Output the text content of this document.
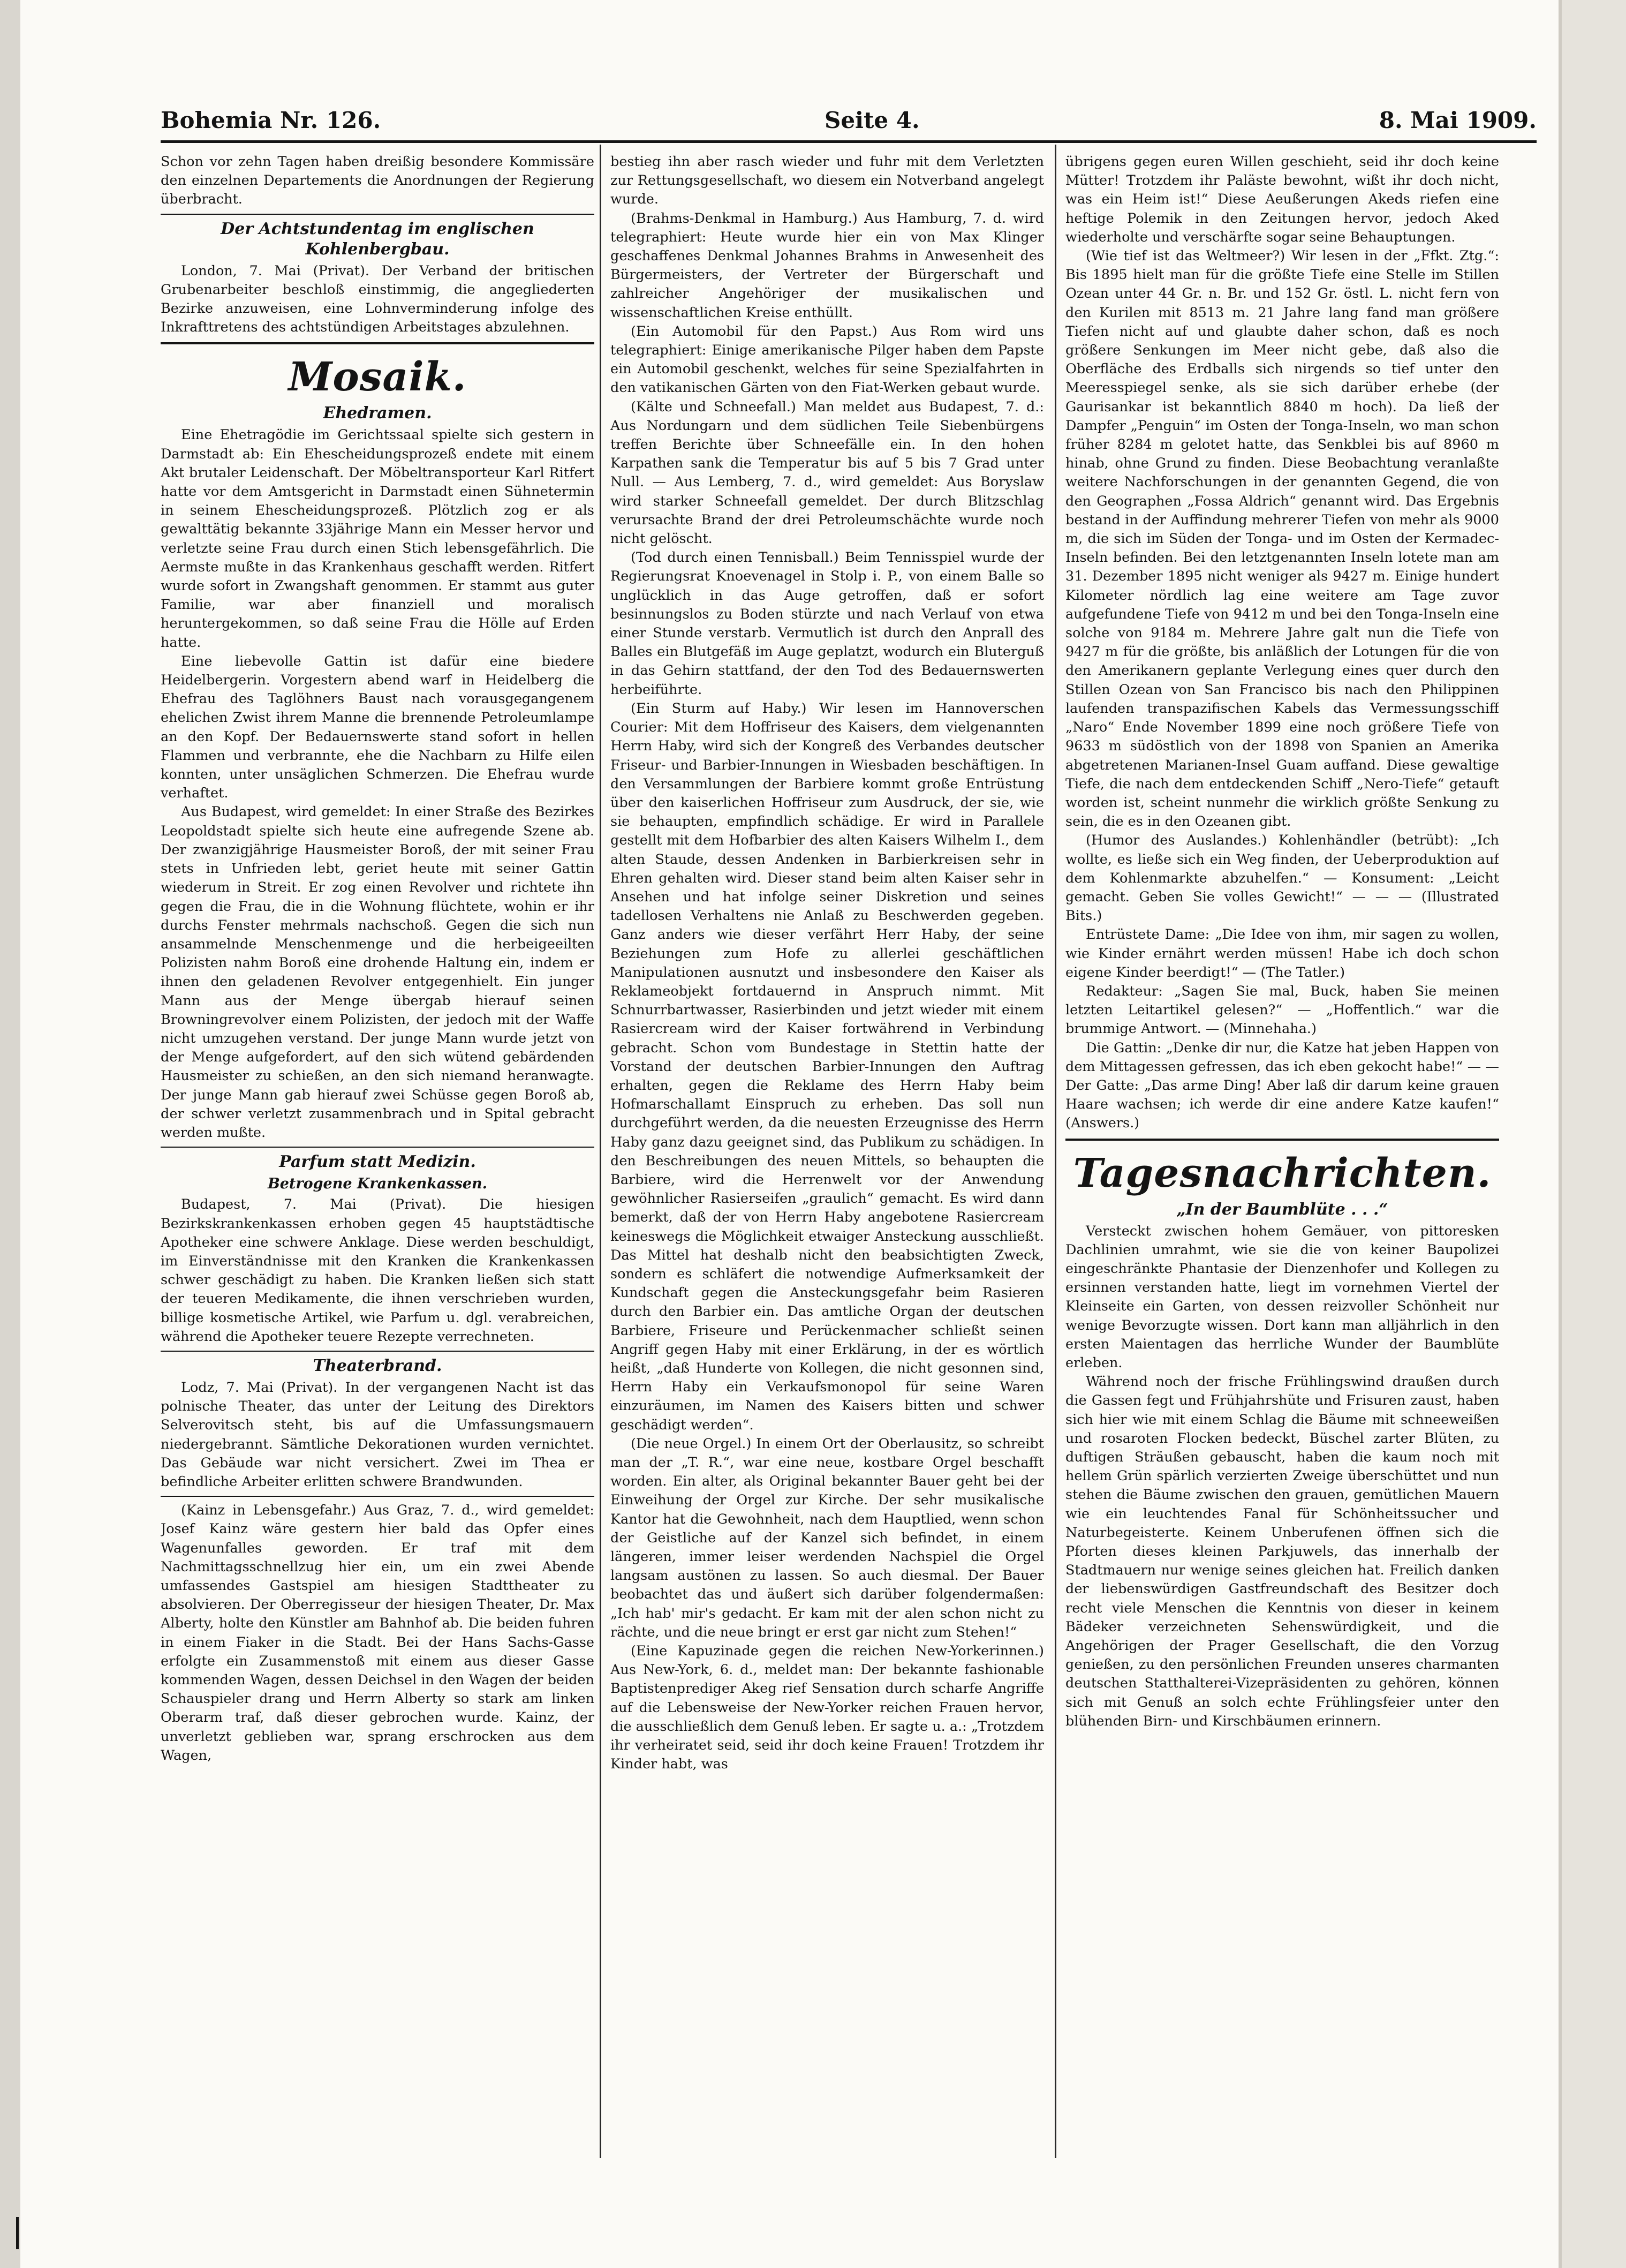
Bohemia Nr. 126.	Seite 4.	8. Mai 1909.

Schon vor zehn Tagen haben dreißig besondere Kommissäre den einzelnen Departements die Anordnungen der Regierung überbracht.

Der Achtstundentag im englischen Kohlenbergbau.

London, 7. Mai (Privat). Der Verband der britischen Grubenarbeiter beschloß einstimmig, die angegliederten Bezirke anzuweisen, eine Lohnverminderung infolge des Inkrafttretens des achtstündigen Arbeitstages abzulehnen.

Mosaik.
Ehedramen.

Eine Ehetragödie im Gerichtssaal spielte sich gestern in Darmstadt ab: Ein Ehescheidungsprozeß endete mit einem Akt brutaler Leidenschaft. Der Möbeltransporteur Karl Ritfert hatte vor dem Amtsgericht in Darmstadt einen Sühnetermin in seinem Ehescheidungsprozeß. Plötzlich zog er als gewalttätig bekannte 33jährige Mann ein Messer hervor und verletzte seine Frau durch einen Stich lebensgefährlich. Die Aermste mußte in das Krankenhaus geschafft werden. Ritfert wurde sofort in Zwangshaft genommen. Er stammt aus guter Familie, war aber finanziell und moralisch heruntergekommen, so daß seine Frau die Hölle auf Erden hatte.

Eine liebevolle Gattin ist dafür eine biedere Heidelbergerin. Vorgestern abend warf in Heidelberg die Ehefrau des Taglöhners Baust nach vorausgegangenem ehelichen Zwist ihrem Manne die brennende Petroleumlampe an den Kopf. Der Bedauernswerte stand sofort in hellen Flammen und verbrannte, ehe die Nachbarn zu Hilfe eilen konnten, unter unsäglichen Schmerzen. Die Ehefrau wurde verhaftet.

Aus Budapest, wird gemeldet: In einer Straße des Bezirkes Leopoldstadt spielte sich heute eine aufregende Szene ab. Der zwanzigjährige Hausmeister Boroß, der mit seiner Frau stets in Unfrieden lebt, geriet heute mit seiner Gattin wiederum in Streit. Er zog einen Revolver und richtete ihn gegen die Frau, die in die Wohnung flüchtete, wohin er ihr durchs Fenster mehrmals nachschoß. Gegen die sich nun ansammelnde Menschenmenge und die herbeigeeilten Polizisten nahm Boroß eine drohende Haltung ein, indem er ihnen den geladenen Revolver entgegenhielt. Ein junger Mann aus der Menge übergab hierauf seinen Browningrevolver einem Polizisten, der jedoch mit der Waffe nicht umzugehen verstand. Der junge Mann wurde jetzt von der Menge aufgefordert, auf den sich wütend gebärdenden Hausmeister zu schießen, an den sich niemand heranwagte. Der junge Mann gab hierauf zwei Schüsse gegen Boroß ab, der schwer verletzt zusammenbrach und in Spital gebracht werden mußte.

Parfum statt Medizin.
Betrogene Krankenkassen.

Budapest, 7. Mai (Privat). Die hiesigen Bezirkskrankenkassen erhoben gegen 45 hauptstädtische Apotheker eine schwere Anklage. Diese werden beschuldigt, im Einverständnisse mit den Kranken die Krankenkassen schwer geschädigt zu haben. Die Kranken ließen sich statt der teueren Medikamente, die ihnen verschrieben wurden, billige kosmetische Artikel, wie Parfum u. dgl. verabreichen, während die Apotheker teuere Rezepte verrechneten.

Theaterbrand.

Lodz, 7. Mai (Privat). In der vergangenen Nacht ist das polnische Theater, das unter der Leitung des Direktors Selverovitsch steht, bis auf die Umfassungsmauern niedergebrannt. Sämtliche Dekorationen wurden vernichtet. Das Gebäude war nicht versichert. Zwei im Thea er befindliche Arbeiter erlitten schwere Brandwunden.

(Kainz in Lebensgefahr.) Aus Graz, 7. d., wird gemeldet: Josef Kainz wäre gestern hier bald das Opfer eines Wagenunfalles geworden. Er traf mit dem Nachmittagsschnellzug hier ein, um ein zwei Abende umfassendes Gastspiel am hiesigen Stadttheater zu absolvieren. Der Oberregisseur der hiesigen Theater, Dr. Max Alberty, holte den Künstler am Bahnhof ab. Die beiden fuhren in einem Fiaker in die Stadt. Bei der Hans Sachs-Gasse erfolgte ein Zusammenstoß mit einem aus dieser Gasse kommenden Wagen, dessen Deichsel in den Wagen der beiden Schauspieler drang und Herrn Alberty so stark am linken Oberarm traf, daß dieser gebrochen wurde. Kainz, der unverletzt geblieben war, sprang erschrocken aus dem Wagen,

bestieg ihn aber rasch wieder und fuhr mit dem Verletzten zur Rettungsgesellschaft, wo diesem ein Notverband angelegt wurde.

(Brahms-Denkmal in Hamburg.) Aus Hamburg, 7. d. wird telegraphiert: Heute wurde hier ein von Max Klinger geschaffenes Denkmal Johannes Brahms in Anwesenheit des Bürgermeisters, der Vertreter der Bürgerschaft und zahlreicher Angehöriger der musikalischen und wissenschaftlichen Kreise enthüllt.

(Ein Automobil für den Papst.) Aus Rom wird uns telegraphiert: Einige amerikanische Pilger haben dem Papste ein Automobil geschenkt, welches für seine Spezialfahrten in den vatikanischen Gärten von den Fiat-Werken gebaut wurde.

(Kälte und Schneefall.) Man meldet aus Budapest, 7. d.: Aus Nordungarn und dem südlichen Teile Siebenbürgens treffen Berichte über Schneefälle ein. In den hohen Karpathen sank die Temperatur bis auf 5 bis 7 Grad unter Null. — Aus Lemberg, 7. d., wird gemeldet: Aus Boryslaw wird starker Schneefall gemeldet. Der durch Blitzschlag verursachte Brand der drei Petroleumschächte wurde noch nicht gelöscht.

(Tod durch einen Tennisball.) Beim Tennisspiel wurde der Regierungsrat Knoevenagel in Stolp i. P., von einem Balle so unglücklich in das Auge getroffen, daß er sofort besinnungslos zu Boden stürzte und nach Verlauf von etwa einer Stunde verstarb. Vermutlich ist durch den Anprall des Balles ein Blutgefäß im Auge geplatzt, wodurch ein Bluterguß in das Gehirn stattfand, der den Tod des Bedauernswerten herbeiführte.

(Ein Sturm auf Haby.) Wir lesen im Hannoverschen Courier: Mit dem Hoffriseur des Kaisers, dem vielgenannten Herrn Haby, wird sich der Kongreß des Verbandes deutscher Friseur- und Barbier-Innungen in Wiesbaden beschäftigen. In den Versammlungen der Barbiere kommt große Entrüstung über den kaiserlichen Hoffriseur zum Ausdruck, der sie, wie sie behaupten, empfindlich schädige. Er wird in Parallele gestellt mit dem Hofbarbier des alten Kaisers Wilhelm I., dem alten Staude, dessen Andenken in Barbierkreisen sehr in Ehren gehalten wird. Dieser stand beim alten Kaiser sehr in Ansehen und hat infolge seiner Diskretion und seines tadellosen Verhaltens nie Anlaß zu Beschwerden gegeben. Ganz anders wie dieser verfährt Herr Haby, der seine Beziehungen zum Hofe zu allerlei geschäftlichen Manipulationen ausnutzt und insbesondere den Kaiser als Reklameobjekt fortdauernd in Anspruch nimmt. Mit Schnurrbartwasser, Rasierbinden und jetzt wieder mit einem Rasiercream wird der Kaiser fortwährend in Verbindung gebracht. Schon vom Bundestage in Stettin hatte der Vorstand der deutschen Barbier-Innungen den Auftrag erhalten, gegen die Reklame des Herrn Haby beim Hofmarschallamt Einspruch zu erheben. Das soll nun durchgeführt werden, da die neuesten Erzeugnisse des Herrn Haby ganz dazu geeignet sind, das Publikum zu schädigen. In den Beschreibungen des neuen Mittels, so behaupten die Barbiere, wird die Herrenwelt vor der Anwendung gewöhnlicher Rasierseifen „graulich“ gemacht. Es wird dann bemerkt, daß der von Herrn Haby angebotene Rasiercream keineswegs die Möglichkeit etwaiger Ansteckung ausschließt. Das Mittel hat deshalb nicht den beabsichtigten Zweck, sondern es schläfert die notwendige Aufmerksamkeit der Kundschaft gegen die Ansteckungsgefahr beim Rasieren durch den Barbier ein. Das amtliche Organ der deutschen Barbiere, Friseure und Perückenmacher schließt seinen Angriff gegen Haby mit einer Erklärung, in der es wörtlich heißt, „daß Hunderte von Kollegen, die nicht gesonnen sind, Herrn Haby ein Verkaufsmonopol für seine Waren einzuräumen, im Namen des Kaisers bitten und schwer geschädigt werden“.

(Die neue Orgel.) In einem Ort der Oberlausitz, so schreibt man der „T. R.“, war eine neue, kostbare Orgel beschafft worden. Ein alter, als Original bekannter Bauer geht bei der Einweihung der Orgel zur Kirche. Der sehr musikalische Kantor hat die Gewohnheit, nach dem Hauptlied, wenn schon der Geistliche auf der Kanzel sich befindet, in einem längeren, immer leiser werdenden Nachspiel die Orgel langsam austönen zu lassen. So auch diesmal. Der Bauer beobachtet das und äußert sich darüber folgendermaßen: „Ich hab' mir's gedacht. Er kam mit der alen schon nicht zu rächte, und die neue bringt er erst gar nicht zum Stehen!“

(Eine Kapuzinade gegen die reichen New-Yorkerinnen.) Aus New-York, 6. d., meldet man: Der bekannte fashionable Baptistenprediger Akeg rief Sensation durch scharfe Angriffe auf die Lebensweise der New-Yorker reichen Frauen hervor, die ausschließlich dem Genuß leben. Er sagte u. a.: „Trotzdem ihr verheiratet seid, seid ihr doch keine Frauen! Trotzdem ihr Kinder habt, was

übrigens gegen euren Willen geschieht, seid ihr doch keine Mütter! Trotzdem ihr Paläste bewohnt, wißt ihr doch nicht, was ein Heim ist!“ Diese Aeußerungen Akeds riefen eine heftige Polemik in den Zeitungen hervor, jedoch Aked wiederholte und verschärfte sogar seine Behauptungen.

(Wie tief ist das Weltmeer?) Wir lesen in der „Ffkt. Ztg.“: Bis 1895 hielt man für die größte Tiefe eine Stelle im Stillen Ozean unter 44 Gr. n. Br. und 152 Gr. östl. L. nicht fern von den Kurilen mit 8513 m. 21 Jahre lang fand man größere Tiefen nicht auf und glaubte daher schon, daß es noch größere Senkungen im Meer nicht gebe, daß also die Oberfläche des Erdballs sich nirgends so tief unter den Meeresspiegel senke, als sie sich darüber erhebe (der Gaurisankar ist bekanntlich 8840 m hoch). Da ließ der Dampfer „Penguin“ im Osten der Tonga-Inseln, wo man schon früher 8284 m gelotet hatte, das Senkblei bis auf 8960 m hinab, ohne Grund zu finden. Diese Beobachtung veranlaßte weitere Nachforschungen in der genannten Gegend, die von den Geographen „Fossa Aldrich“ genannt wird. Das Ergebnis bestand in der Auffindung mehrerer Tiefen von mehr als 9000 m, die sich im Süden der Tonga- und im Osten der Kermadec-Inseln befinden. Bei den letztgenannten Inseln lotete man am 31. Dezember 1895 nicht weniger als 9427 m. Einige hundert Kilometer nördlich lag eine weitere am Tage zuvor aufgefundene Tiefe von 9412 m und bei den Tonga-Inseln eine solche von 9184 m. Mehrere Jahre galt nun die Tiefe von 9427 m für die größte, bis anläßlich der Lotungen für die von den Amerikanern geplante Verlegung eines quer durch den Stillen Ozean von San Francisco bis nach den Philippinen laufenden transpazifischen Kabels das Vermessungsschiff „Naro“ Ende November 1899 eine noch größere Tiefe von 9633 m südöstlich von der 1898 von Spanien an Amerika abgetretenen Marianen-Insel Guam auffand. Diese gewaltige Tiefe, die nach dem entdeckenden Schiff „Nero-Tiefe“ getauft worden ist, scheint nunmehr die wirklich größte Senkung zu sein, die es in den Ozeanen gibt.

(Humor des Auslandes.) Kohlenhändler (betrübt): „Ich wollte, es ließe sich ein Weg finden, der Ueberproduktion auf dem Kohlenmarkte abzuhelfen.“ — Konsument: „Leicht gemacht. Geben Sie volles Gewicht!“ — — — (Illustrated Bits.)

Entrüstete Dame: „Die Idee von ihm, mir sagen zu wollen, wie Kinder ernährt werden müssen! Habe ich doch schon eigene Kinder beerdigt!“ — (The Tatler.)

Redakteur: „Sagen Sie mal, Buck, haben Sie meinen letzten Leitartikel gelesen?“ — „Hoffentlich.“ war die brummige Antwort. — (Minnehaha.)

Die Gattin: „Denke dir nur, die Katze hat jeben Happen von dem Mittagessen gefressen, das ich eben gekocht habe!“ — — Der Gatte: „Das arme Ding! Aber laß dir darum keine grauen Haare wachsen; ich werde dir eine andere Katze kaufen!“ (Answers.)

Tagesnachrichten.
„In der Baumblüte . . .“

Versteckt zwischen hohem Gemäuer, von pittoresken Dachlinien umrahmt, wie sie die von keiner Baupolizei eingeschränkte Phantasie der Dienzenhofer und Kollegen zu ersinnen verstanden hatte, liegt im vornehmen Viertel der Kleinseite ein Garten, von dessen reizvoller Schönheit nur wenige Bevorzugte wissen. Dort kann man alljährlich in den ersten Maientagen das herrliche Wunder der Baumblüte erleben.

Während noch der frische Frühlingswind draußen durch die Gassen fegt und Frühjahrshüte und Frisuren zaust, haben sich hier wie mit einem Schlag die Bäume mit schneeweißen und rosaroten Flocken bedeckt, Büschel zarter Blüten, zu duftigen Sträußen gebauscht, haben die kaum noch mit hellem Grün spärlich verzierten Zweige überschüttet und nun stehen die Bäume zwischen den grauen, gemütlichen Mauern wie ein leuchtendes Fanal für Schönheitssucher und Naturbegeisterte. Keinem Unberufenen öffnen sich die Pforten dieses kleinen Parkjuwels, das innerhalb der Stadtmauern nur wenige seines gleichen hat. Freilich danken der liebenswürdigen Gastfreundschaft des Besitzer doch recht viele Menschen die Kenntnis von dieser in keinem Bädeker verzeichneten Sehenswürdigkeit, und die Angehörigen der Prager Gesellschaft, die den Vorzug genießen, zu den persönlichen Freunden unseres charmanten deutschen Statthalterei-Vizepräsidenten zu gehören, können sich mit Genuß an solch echte Frühlingsfeier unter den blühenden Birn- und Kirschbäumen erinnern.
